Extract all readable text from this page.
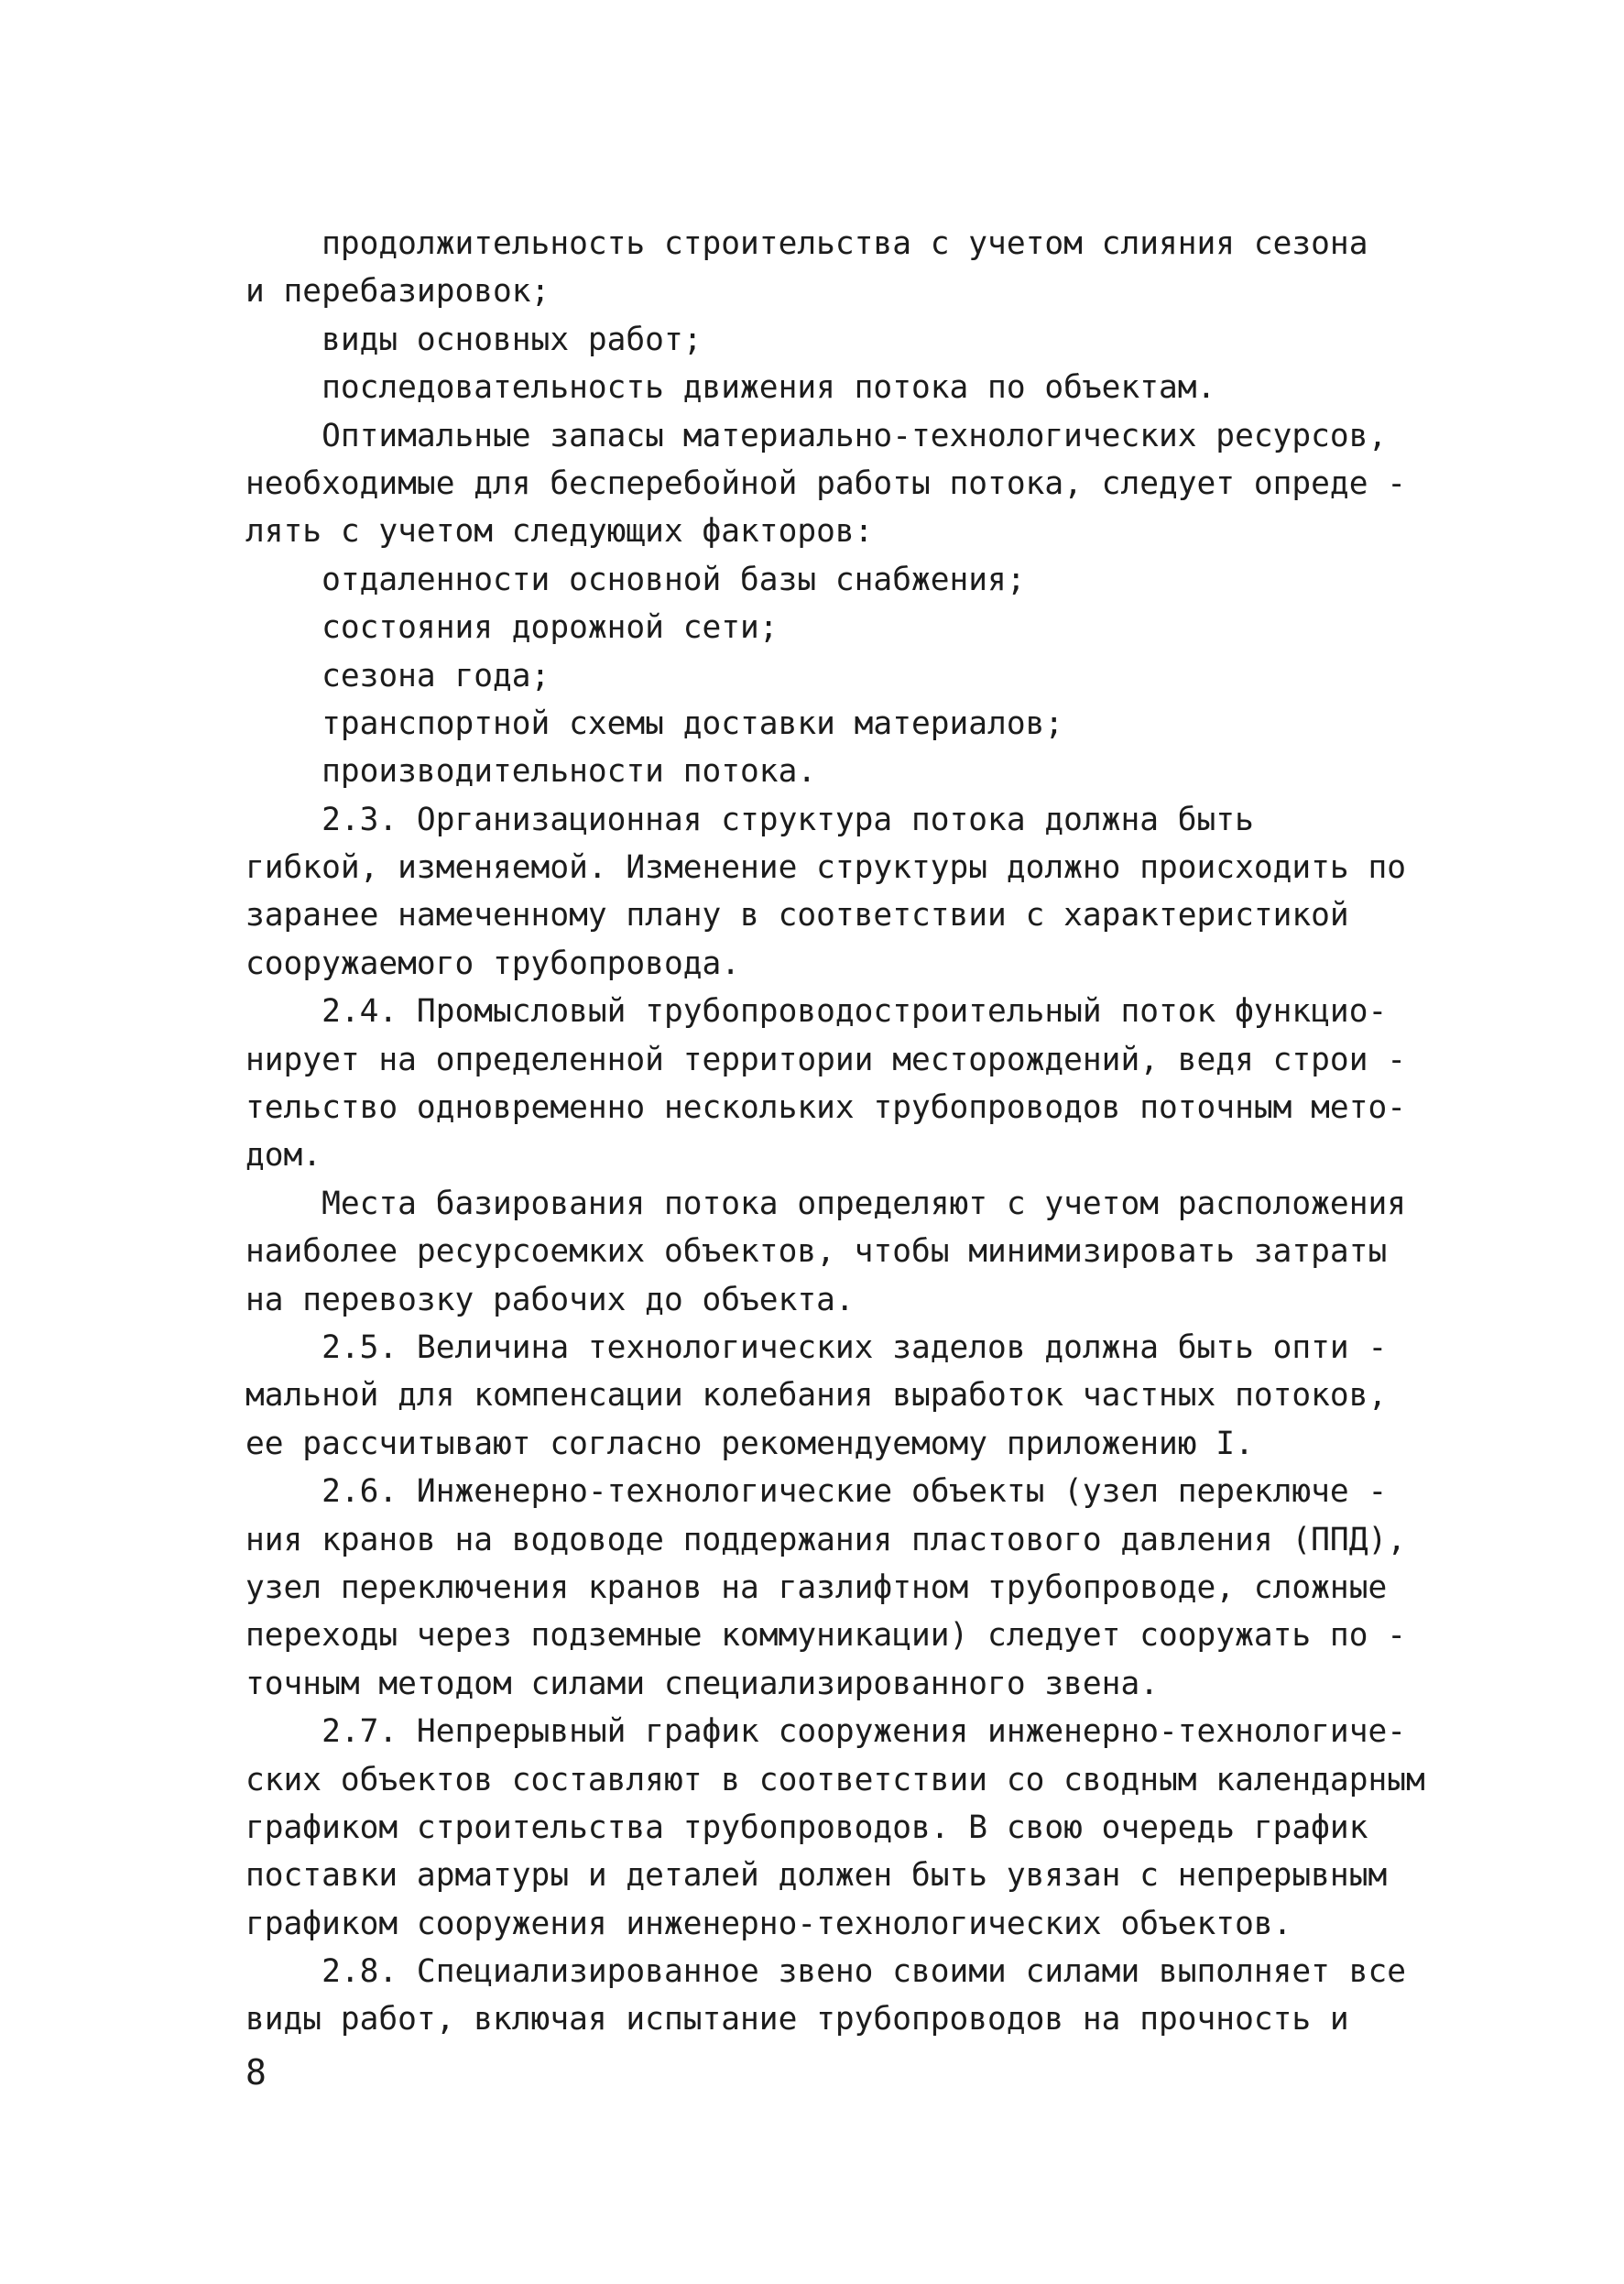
продолжительность строительства с учетом слияния сезона
и перебазировок;
виды основных работ;
последовательность движения потока по объектам.
Оптимальные запасы материально-технологических ресурсов,
необходимые для бесперебойной работы потока, следует опреде -
лять с учетом следующих факторов:
отдаленности основной базы снабжения;
состояния дорожной сети;
сезона года;
транспортной схемы доставки материалов;
производительности потока.
2.3. Организационная структура потока должна быть
гибкой, изменяемой. Изменение структуры должно происходить по
заранее намеченному плану в соответствии с характеристикой
сооружаемого трубопровода.
2.4. Промысловый трубопроводостроительный поток функцио-
нирует на определенной территории месторождений, ведя строи -
тельство одновременно нескольких трубопроводов поточным мето-
дом.
Места базирования потока определяют с учетом расположения
наиболее ресурсоемких объектов, чтобы минимизировать затраты
на перевозку рабочих до объекта.
2.5. Величина технологических заделов должна быть опти -
мальной для компенсации колебания выработок частных потоков,
ее рассчитывают согласно рекомендуемому приложению I.
2.6. Инженерно-технологические объекты (узел переключе -
ния кранов на водоводе поддержания пластового давления (ППД),
узел переключения кранов на газлифтном трубопроводе, сложные
переходы через подземные коммуникации) следует сооружать по -
точным методом силами специализированного звена.
2.7. Непрерывный график сооружения инженерно-технологиче-
ских объектов составляют в соответствии со сводным календарным
графиком строительства трубопроводов. В свою очередь график
поставки арматуры и деталей должен быть увязан с непрерывным
графиком сооружения инженерно-технологических объектов.
2.8. Специализированное звено своими силами выполняет все
виды работ, включая испытание трубопроводов на прочность и
8
